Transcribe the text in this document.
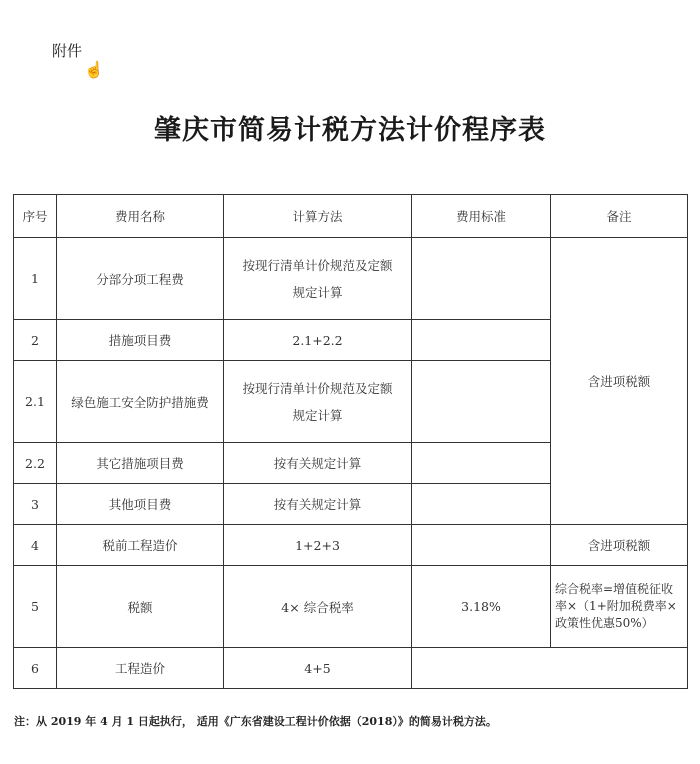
附件
☝
肇庆市简易计税方法计价程序表
序号	费用名称	计算方法	费用标准	备注
1	分部分项工程费	按现行清单计价规范及定额
规定计算		含进项税额
2	措施项目费	2.1+2.2		
2.1	绿色施工安全防护措施费	按现行清单计价规范及定额
规定计算		

2.2	其它措施项目费	按有关规定计算		
3	其他项目费	按有关规定计算		
4	税前工程造价	1+2+3		含进项税额
5	税额	4× 综合税率	3.18%	综合税率=增值税征收率×（1+附加税费率×政策性优惠50%）
6	工程造价	4+5		
注：从 2019 年 4 月 1 日起执行， 适用《广东省建设工程计价依据（2018）》的简易计税方法。
